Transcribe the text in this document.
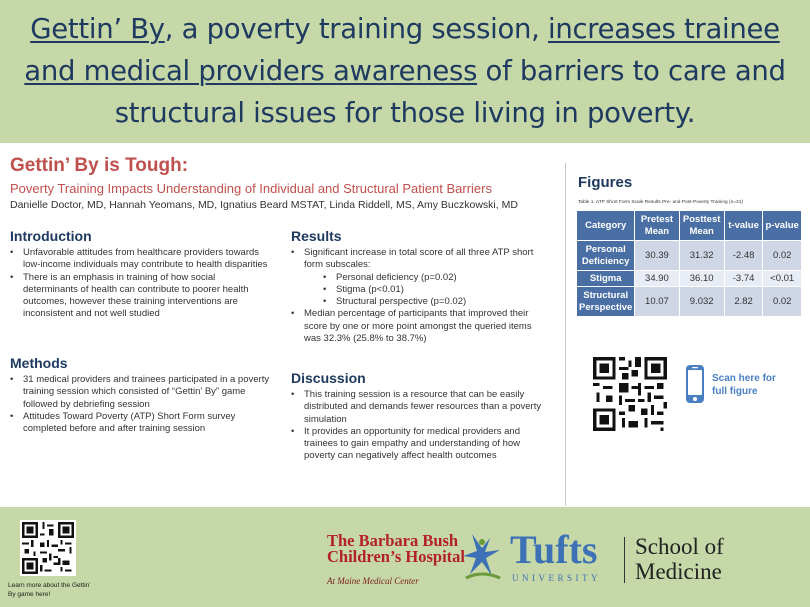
Gettin’ By, a poverty training session, increases trainee
and medical providers awareness of barriers to care and
structural issues for those living in poverty.
Gettin’ By is Tough:
Poverty Training Impacts Understanding of Individual and Structural Patient Barriers
Danielle Doctor, MD, Hannah Yeomans, MD, Ignatius Beard MSTAT, Linda Riddell, MS, Amy Buczkowski, MD
Introduction
• Unfavorable attitudes from healthcare providers towards low-income individuals may contribute to health disparities
• There is an emphasis in training of how social determinants of health can contribute to poorer health outcomes, however these training interventions are inconsistent and not well studied
Methods
• 31 medical providers and trainees participated in a poverty training session which consisted of “Gettin’ By” game followed by debriefing session
• Attitudes Toward Poverty (ATP) Short Form survey completed before and after training session
Results
• Significant increase in total score of all three ATP short form subscales:
• Personal deficiency (p=0.02)
• Stigma (p<0.01)
• Structural perspective (p=0.02)
• Median percentage of participants that improved their score by one or more point amongst the queried items was 32.3% (25.8% to 38.7%)
Discussion
• This training session is a resource that can be easily distributed and demands fewer resources than a poverty simulation
• It provides an opportunity for medical providers and trainees to gain empathy and understanding of how poverty can negatively affect health outcomes
Figures
Table 1. ATP Short Form Scale Results Pre- and Post-Poverty Training (n=31)
Category	Pretest Mean	Posttest Mean	t-value	p-value
Personal Deficiency	30.39	31.32	-2.48	0.02
Stigma	34.90	36.10	-3.74	<0.01
Structural Perspective	10.07	9.032	2.82	0.02
Scan here for full figure
Learn more about the Gettin’ By game here!
The Barbara Bush
Children’s Hospital
At Maine Medical Center
Tufts
UNIVERSITY
School of
Medicine
